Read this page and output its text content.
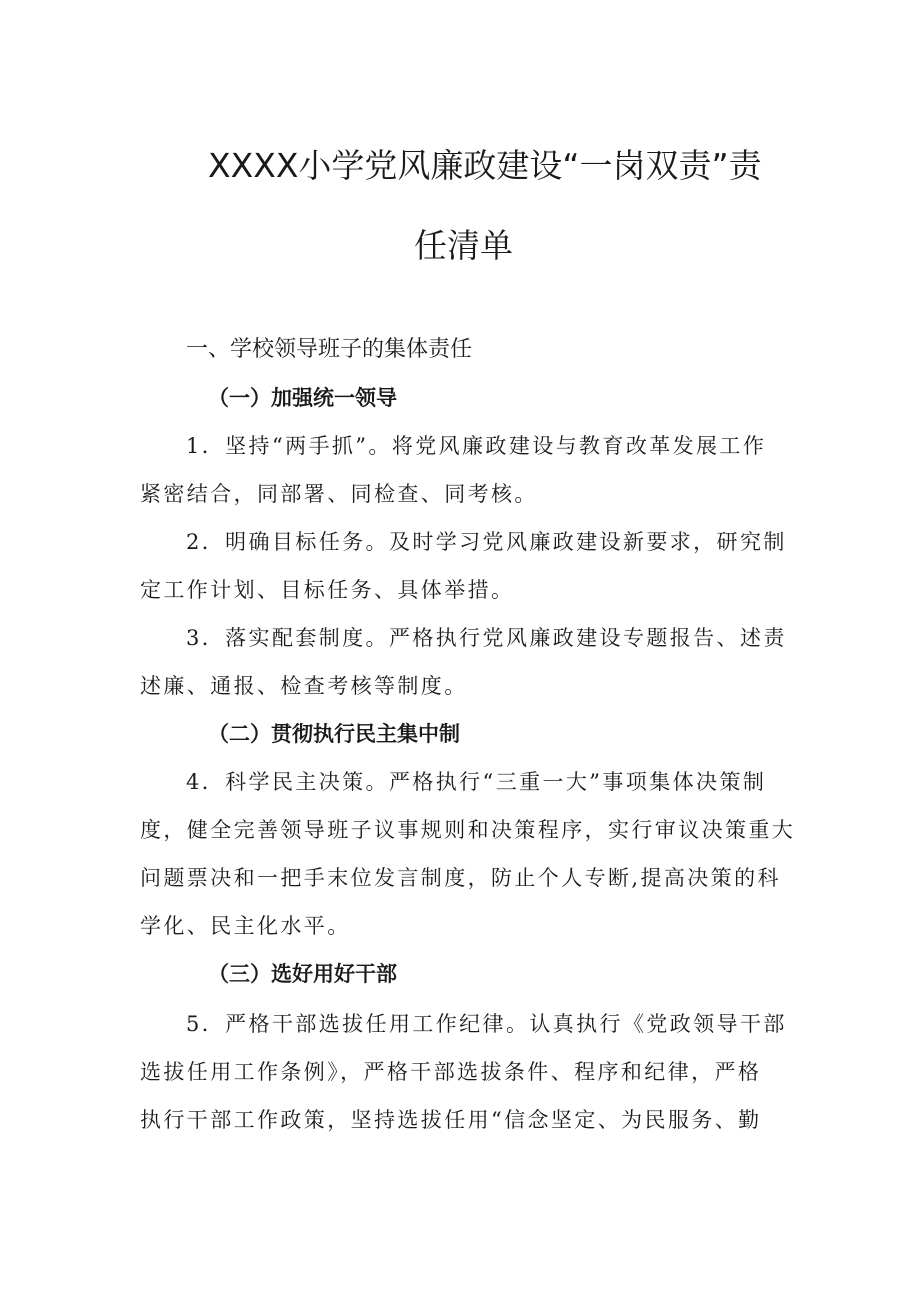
XXXX小学党风廉政建设“一岗双责”责
任清单
一、学校领导班子的集体责任
（一）加强统一领导
1．坚持“两手抓”。将党风廉政建设与教育改革发展工作
紧密结合，同部署、同检查、同考核。
2．明确目标任务。及时学习党风廉政建设新要求，研究制
定工作计划、目标任务、具体举措。
3．落实配套制度。严格执行党风廉政建设专题报告、述责
述廉、通报、检查考核等制度。
（二）贯彻执行民主集中制
4．科学民主决策。严格执行“三重一大”事项集体决策制
度，健全完善领导班子议事规则和决策程序，实行审议决策重大
问题票决和一把手末位发言制度，防止个人专断,提高决策的科
学化、民主化水平。
（三）选好用好干部
5．严格干部选拔任用工作纪律。认真执行《党政领导干部
选拔任用工作条例》，严格干部选拔条件、程序和纪律，严格
执行干部工作政策，坚持选拔任用“信念坚定、为民服务、勤
